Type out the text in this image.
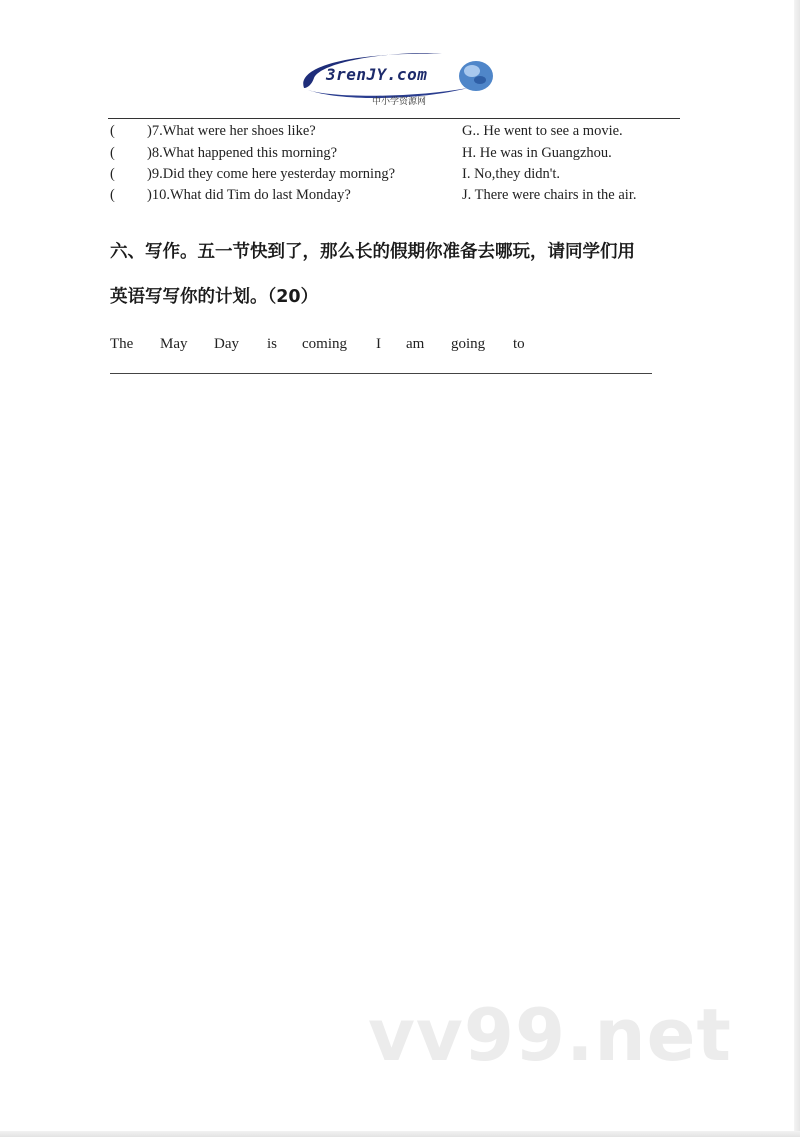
3renJY.com
中小学资源网
( )7.What were her shoes like?	G.. He went to see a movie.
( )8.What happened this morning?	H. He was in Guangzhou.
( )9.Did they come here yesterday morning?	I. No,they didn't.
( )10.What did Tim do last Monday?	J. There were chairs in the air.
六、写作。五一节快到了，那么长的假期你准备去哪玩，请同学们用
英语写写你的计划。（20）
The May Day is coming I am going to
vv99.net
